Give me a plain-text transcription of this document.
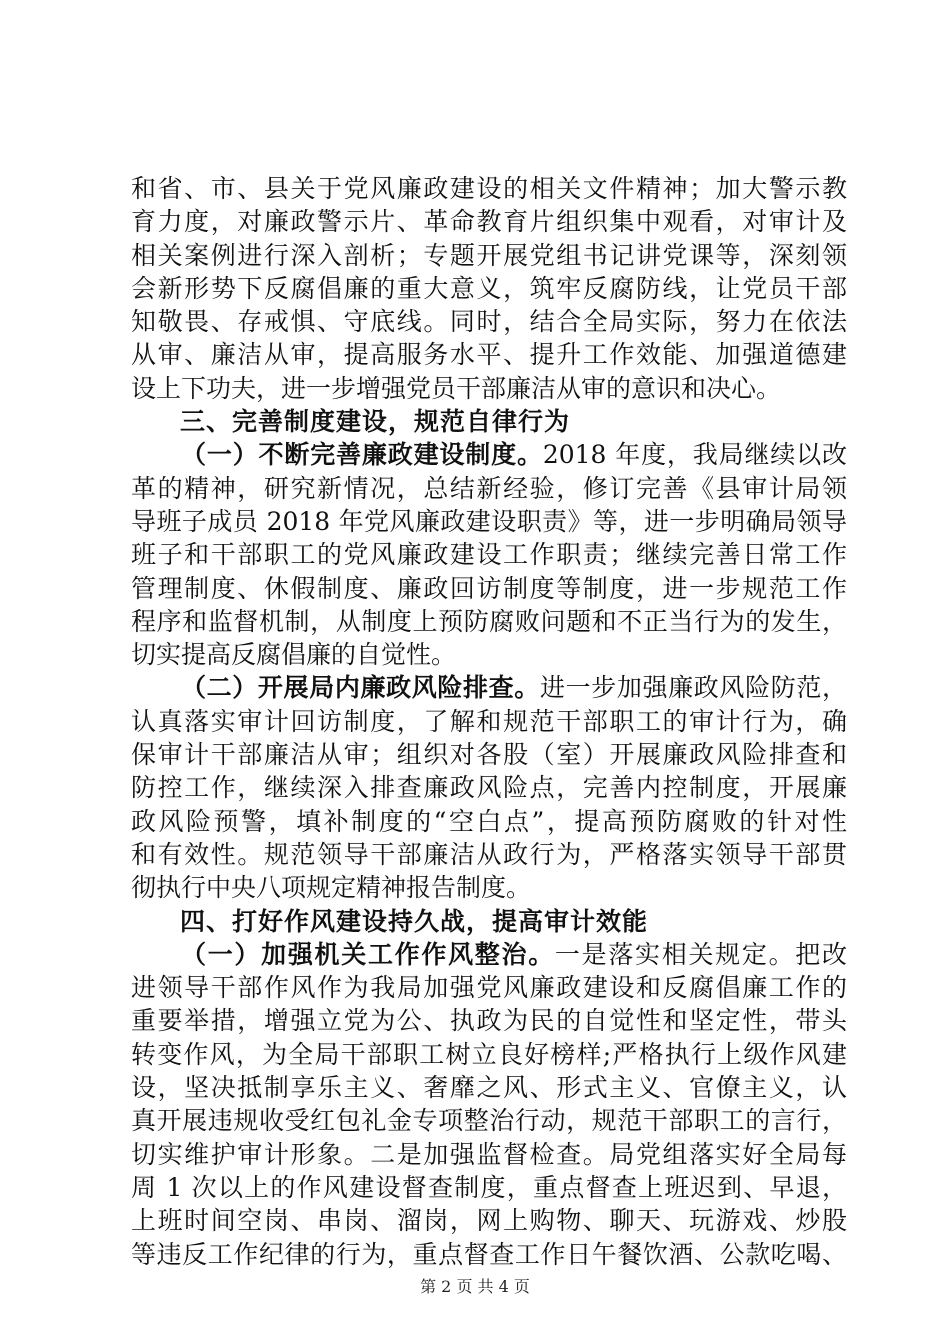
和省、市、县关于党风廉政建设的相关文件精神；加大警示教
育力度，对廉政警示片、革命教育片组织集中观看，对审计及
相关案例进行深入剖析；专题开展党组书记讲党课等，深刻领
会新形势下反腐倡廉的重大意义，筑牢反腐防线，让党员干部
知敬畏、存戒惧、守底线。同时，结合全局实际，努力在依法
从审、廉洁从审，提高服务水平、提升工作效能、加强道德建
设上下功夫，进一步增强党员干部廉洁从审的意识和决心。
三、完善制度建设，规范自律行为
（一）不断完善廉政建设制度。2018 年度，我局继续以改
革的精神，研究新情况，总结新经验，修订完善《县审计局领
导班子成员 2018 年党风廉政建设职责》等，进一步明确局领导
班子和干部职工的党风廉政建设工作职责；继续完善日常工作
管理制度、休假制度、廉政回访制度等制度，进一步规范工作
程序和监督机制，从制度上预防腐败问题和不正当行为的发生，
切实提高反腐倡廉的自觉性。
（二）开展局内廉政风险排查。进一步加强廉政风险防范，
认真落实审计回访制度，了解和规范干部职工的审计行为，确
保审计干部廉洁从审；组织对各股（室）开展廉政风险排查和
防控工作，继续深入排查廉政风险点，完善内控制度，开展廉
政风险预警，填补制度的“空白点”，提高预防腐败的针对性
和有效性。规范领导干部廉洁从政行为，严格落实领导干部贯
彻执行中央八项规定精神报告制度。
四、打好作风建设持久战，提高审计效能
（一）加强机关工作作风整治。一是落实相关规定。把改
进领导干部作风作为我局加强党风廉政建设和反腐倡廉工作的
重要举措，增强立党为公、执政为民的自觉性和坚定性，带头
转变作风，为全局干部职工树立良好榜样;严格执行上级作风建
设，坚决抵制享乐主义、奢靡之风、形式主义、官僚主义，认
真开展违规收受红包礼金专项整治行动，规范干部职工的言行，
切实维护审计形象。二是加强监督检查。局党组落实好全局每
周 1 次以上的作风建设督查制度，重点督查上班迟到、早退，
上班时间空岗、串岗、溜岗，网上购物、聊天、玩游戏、炒股
等违反工作纪律的行为，重点督查工作日午餐饮酒、公款吃喝、
第 2 页 共 4 页
